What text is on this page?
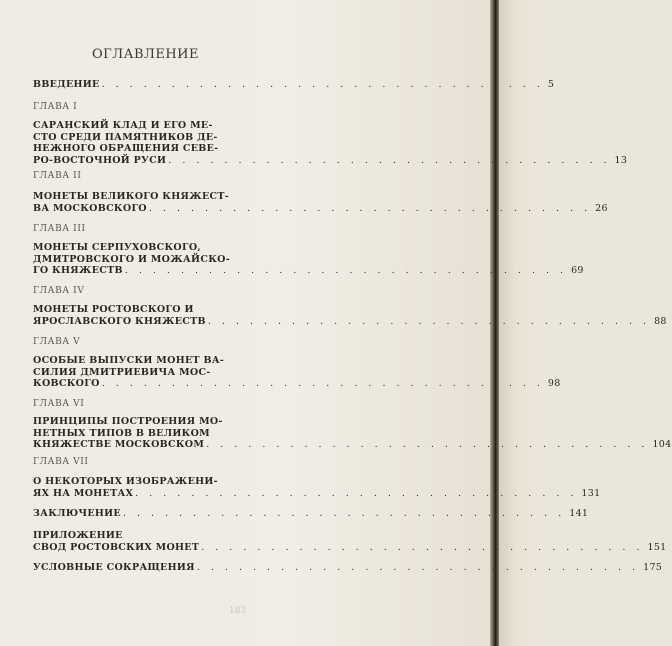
ОГЛАВЛЕНИЕ
ВВЕДЕНИЕ . . . . . . . . . . . . . . . . . . . . . . . . . . . . . . . . 5
ГЛАВА I
САРАНСКИЙ КЛАД И ЕГО МЕ-
СТО СРЕДИ ПАМЯТНИКОВ ДЕ-
НЕЖНОГО ОБРАЩЕНИЯ СЕВЕ-
РО-ВОСТОЧНОЙ РУСИ . . . . . . . . . . . . . . . . . . . . . . . . . . . . . . . . 13
ГЛАВА II
МОНЕТЫ ВЕЛИКОГО КНЯЖЕСТ-
ВА МОСКОВСКОГО . . . . . . . . . . . . . . . . . . . . . . . . . . . . . . . . 26
ГЛАВА III
МОНЕТЫ СЕРПУХОВСКОГО,
ДМИТРОВСКОГО И МОЖАЙСКО-
ГО КНЯЖЕСТВ . . . . . . . . . . . . . . . . . . . . . . . . . . . . . . . . 69
ГЛАВА IV
МОНЕТЫ РОСТОВСКОГО И
ЯРОСЛАВСКОГО КНЯЖЕСТВ . . . . . . . . . . . . . . . . . . . . . . . . . . . . . . . . 88
ГЛАВА V
ОСОБЫЕ ВЫПУСКИ МОНЕТ ВА-
СИЛИЯ ДМИТРИЕВИЧА МОС-
КОВСКОГО . . . . . . . . . . . . . . . . . . . . . . . . . . . . . . . . 98
ГЛАВА VI
ПРИНЦИПЫ ПОСТРОЕНИЯ МО-
НЕТНЫХ ТИПОВ В ВЕЛИКОМ
КНЯЖЕСТВЕ МОСКОВСКОМ . . . . . . . . . . . . . . . . . . . . . . . . . . . . . . . . 104
ГЛАВА VII
О НЕКОТОРЫХ ИЗОБРАЖЕНИ-
ЯХ НА МОНЕТАХ . . . . . . . . . . . . . . . . . . . . . . . . . . . . . . . . 131
ЗАКЛЮЧЕНИЕ . . . . . . . . . . . . . . . . . . . . . . . . . . . . . . . . 141
ПРИЛОЖЕНИЕ
СВОД РОСТОВСКИХ МОНЕТ . . . . . . . . . . . . . . . . . . . . . . . . . . . . . . . . 151
УСЛОВНЫЕ СОКРАЩЕНИЯ . . . . . . . . . . . . . . . . . . . . . . . . . . . . . . . . 175
183
